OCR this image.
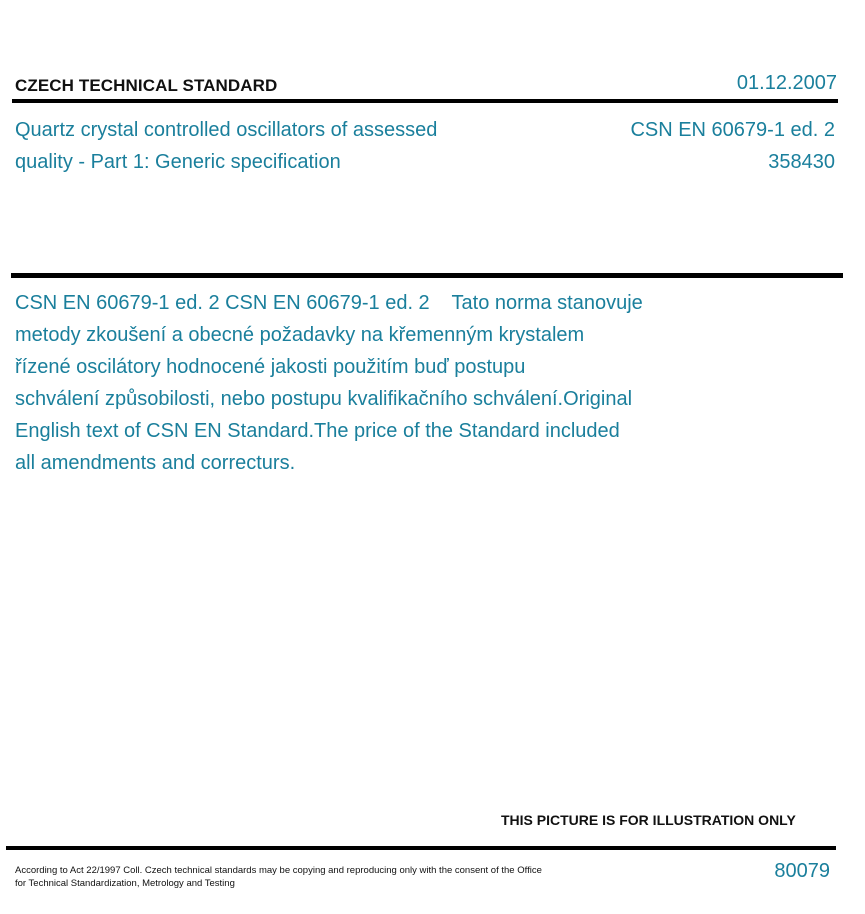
CZECH TECHNICAL STANDARD	01.12.2007
Quartz crystal controlled oscillators of assessed
quality - Part 1: Generic specification
CSN EN 60679-1 ed. 2
358430
CSN EN 60679-1 ed. 2 CSN EN 60679-1 ed. 2    Tato norma stanovuje
metody zkoušení a obecné požadavky na křemenným krystalem
řízené oscilátory hodnocené jakosti použitím buď postupu
schválení způsobilosti, nebo postupu kvalifikačního schválení.Original
English text of CSN EN Standard.The price of the Standard included
all amendments and correcturs.
THIS PICTURE IS FOR ILLUSTRATION ONLY
According to Act 22/1997 Coll. Czech technical standards may be copying and reproducing only with the consent of the Office
for Technical Standardization, Metrology and Testing
80079
